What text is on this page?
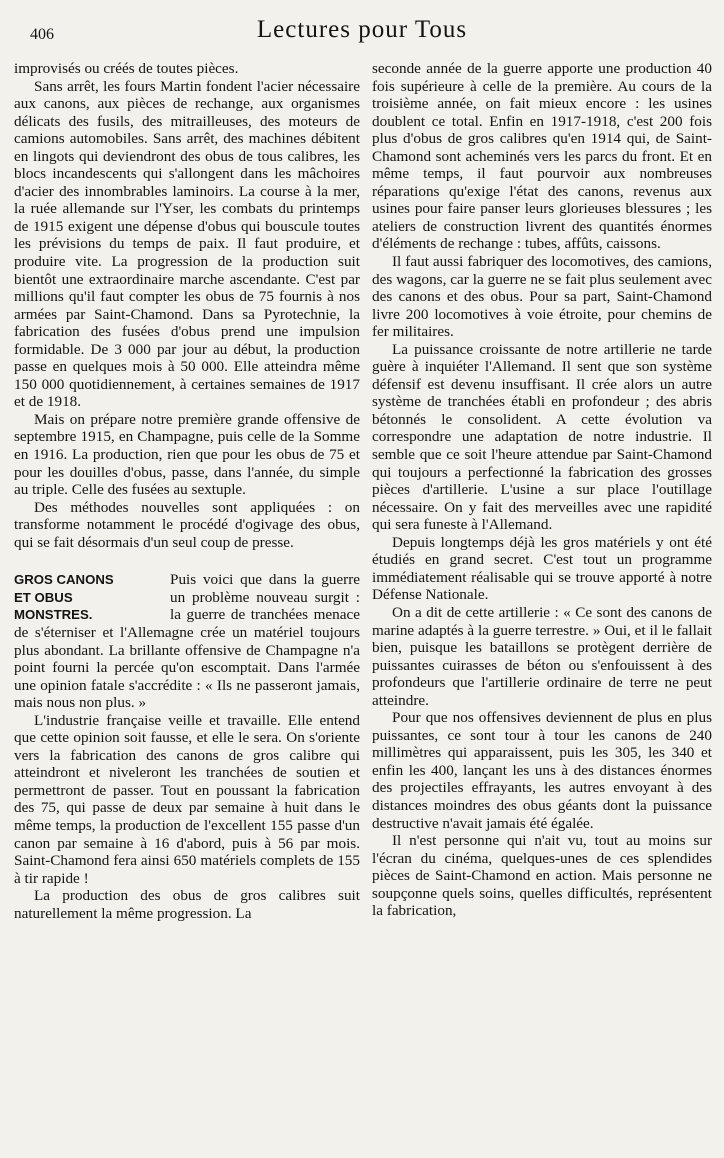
406	Lectures pour Tous

improvisés ou créés de toutes pièces.

Sans arrêt, les fours Martin fondent l'acier nécessaire aux canons, aux pièces de rechange, aux organismes délicats des fusils, des mitrailleuses, des moteurs de camions automobiles. Sans arrêt, des machines débitent en lingots qui deviendront des obus de tous calibres, les blocs incandescents qui s'allongent dans les mâchoires d'acier des innombrables laminoirs. La course à la mer, la ruée allemande sur l'Yser, les combats du printemps de 1915 exigent une dépense d'obus qui bouscule toutes les prévisions du temps de paix. Il faut produire, et produire vite. La progression de la production suit bientôt une extraordinaire marche ascendante. C'est par millions qu'il faut compter les obus de 75 fournis à nos armées par Saint-Chamond. Dans sa Pyrotechnie, la fabrication des fusées d'obus prend une impulsion formidable. De 3 000 par jour au début, la production passe en quelques mois à 50 000. Elle atteindra même 150 000 quotidiennement, à certaines semaines de 1917 et de 1918.

Mais on prépare notre première grande offensive de septembre 1915, en Champagne, puis celle de la Somme en 1916. La production, rien que pour les obus de 75 et pour les douilles d'obus, passe, dans l'année, du simple au triple. Celle des fusées au sextuple.

Des méthodes nouvelles sont appliquées : on transforme notamment le procédé d'ogivage des obus, qui se fait désormais d'un seul coup de presse.

GROS CANONS
ET OBUS
MONSTRES.

Puis voici que dans la guerre un problème nouveau surgit : la guerre de tranchées menace de s'éterniser et l'Allemagne crée un matériel toujours plus abondant. La brillante offensive de Champagne n'a point fourni la percée qu'on escomptait. Dans l'armée une opinion fatale s'accrédite : « Ils ne passeront jamais, mais nous non plus. »

L'industrie française veille et travaille. Elle entend que cette opinion soit fausse, et elle le sera. On s'oriente vers la fabrication des canons de gros calibre qui atteindront et niveleront les tranchées de soutien et permettront de passer. Tout en poussant la fabrication des 75, qui passe de deux par semaine à huit dans le même temps, la production de l'excellent 155 passe d'un canon par semaine à 16 d'abord, puis à 56 par mois. Saint-Chamond fera ainsi 650 matériels complets de 155 à tir rapide !

La production des obus de gros calibres suit naturellement la même progression. La

seconde année de la guerre apporte une production 40 fois supérieure à celle de la première. Au cours de la troisième année, on fait mieux encore : les usines doublent ce total. Enfin en 1917-1918, c'est 200 fois plus d'obus de gros calibres qu'en 1914 qui, de Saint-Chamond sont acheminés vers les parcs du front. Et en même temps, il faut pourvoir aux nombreuses réparations qu'exige l'état des canons, revenus aux usines pour faire panser leurs glorieuses blessures ; les ateliers de construction livrent des quantités énormes d'éléments de rechange : tubes, affûts, caissons.

Il faut aussi fabriquer des locomotives, des camions, des wagons, car la guerre ne se fait plus seulement avec des canons et des obus. Pour sa part, Saint-Chamond livre 200 locomotives à voie étroite, pour chemins de fer militaires.

La puissance croissante de notre artillerie ne tarde guère à inquiéter l'Allemand. Il sent que son système défensif est devenu insuffisant. Il crée alors un autre système de tranchées établi en profondeur ; des abris bétonnés le consolident. A cette évolution va correspondre une adaptation de notre industrie. Il semble que ce soit l'heure attendue par Saint-Chamond qui toujours a perfectionné la fabrication des grosses pièces d'artillerie. L'usine a sur place l'outillage nécessaire. On y fait des merveilles avec une rapidité qui sera funeste à l'Allemand.

Depuis longtemps déjà les gros matériels y ont été étudiés en grand secret. C'est tout un programme immédiatement réalisable qui se trouve apporté à notre Défense Nationale.

On a dit de cette artillerie : « Ce sont des canons de marine adaptés à la guerre terrestre. » Oui, et il le fallait bien, puisque les bataillons se protègent derrière de puissantes cuirasses de béton ou s'enfouissent à des profondeurs que l'artillerie ordinaire de terre ne peut atteindre.

Pour que nos offensives deviennent de plus en plus puissantes, ce sont tour à tour les canons de 240 millimètres qui apparaissent, puis les 305, les 340 et enfin les 400, lançant les uns à des distances énormes des projectiles effrayants, les autres envoyant à des distances moindres des obus géants dont la puissance destructive n'avait jamais été égalée.

Il n'est personne qui n'ait vu, tout au moins sur l'écran du cinéma, quelques-unes de ces splendides pièces de Saint-Chamond en action. Mais personne ne soupçonne quels soins, quelles difficultés, représentent la fabrication,
